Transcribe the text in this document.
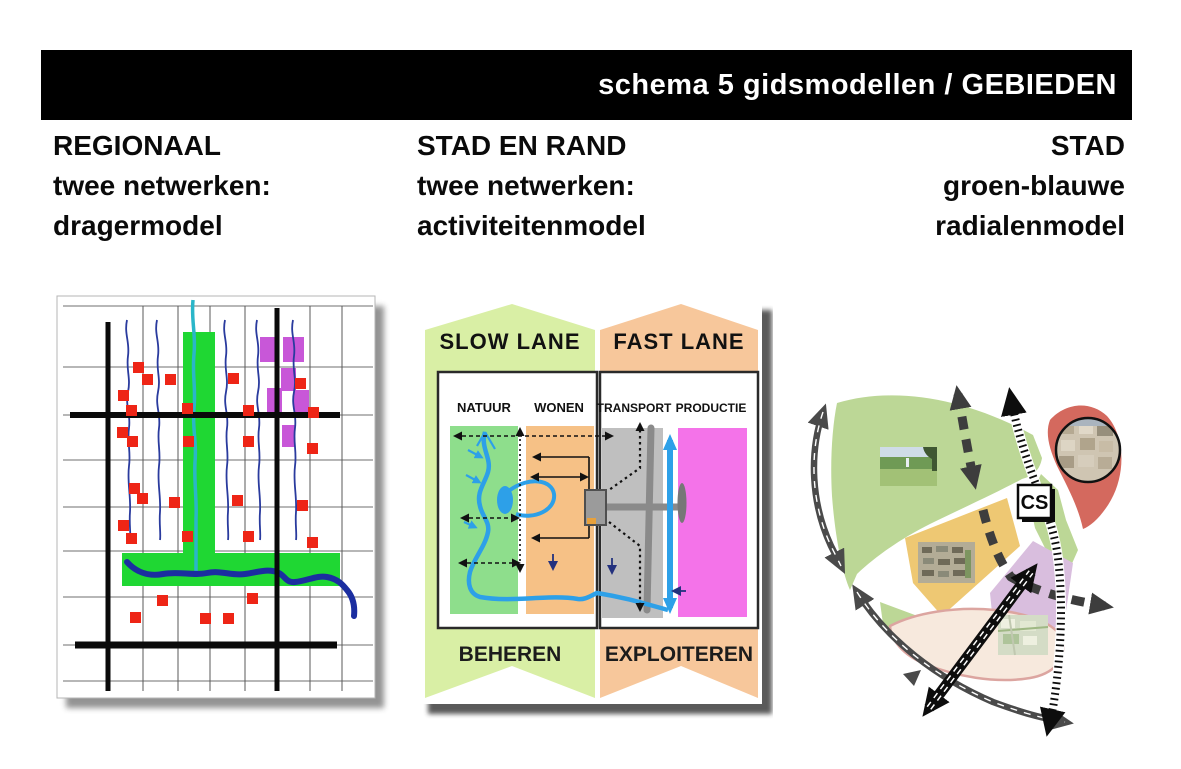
schema 5 gidsmodellen / GEBIEDEN
REGIONAAL
twee netwerken:
dragermodel
STAD EN RAND
twee netwerken:
activiteitenmodel
STAD
groen-blauwe
radialenmodel
SLOW LANE FAST LANE
NATUUR WONEN TRANSPORT PRODUCTIE
BEHEREN EXPLOITEREN
CS
